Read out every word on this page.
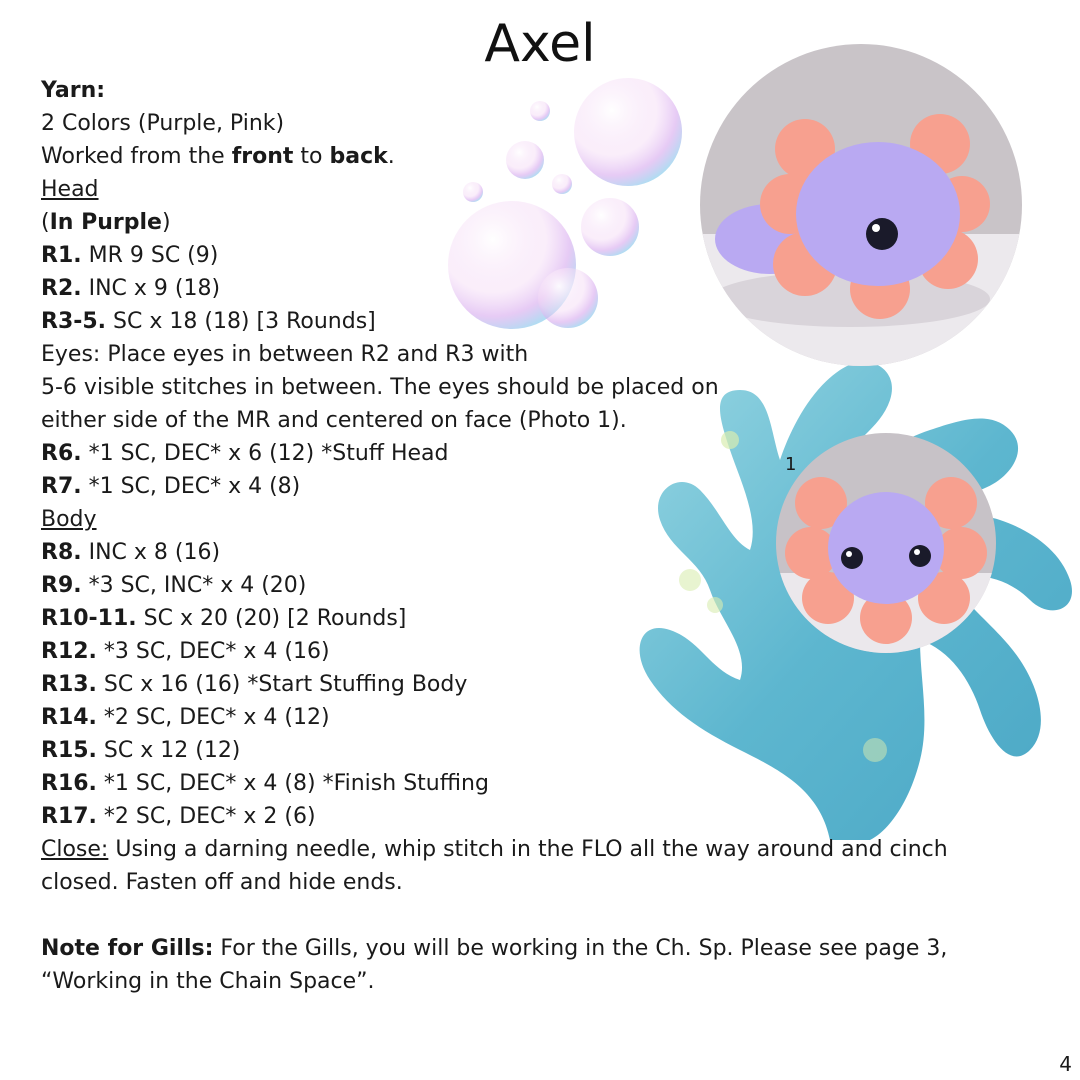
Axel
1
Yarn:
2 Colors (Purple, Pink)
Worked from the front to back.
Head
(In Purple)
R1. MR 9 SC (9)
R2. INC x 9 (18)
R3-5. SC x 18 (18) [3 Rounds]
Eyes: Place eyes in between R2 and R3 with
5-6 visible stitches in between. The eyes should be placed on
either side of the MR and centered on face (Photo 1).
R6. *1 SC, DEC* x 6 (12) *Stuff Head
R7. *1 SC, DEC* x 4 (8)
Body
R8. INC x 8 (16)
R9. *3 SC, INC* x 4 (20)
R10-11. SC x 20 (20) [2 Rounds]
R12. *3 SC, DEC* x 4 (16)
R13. SC x 16 (16) *Start Stuffing Body
R14. *2 SC, DEC* x 4 (12)
R15. SC x 12 (12)
R16. *1 SC, DEC* x 4 (8) *Finish Stuffing
R17. *2 SC, DEC* x 2 (6)
Close: Using a darning needle, whip stitch in the FLO all the way around and cinch closed. Fasten off and hide ends.
Note for Gills: For the Gills, you will be working in the Ch. Sp. Please see page 3, “Working in the Chain Space”.
4
